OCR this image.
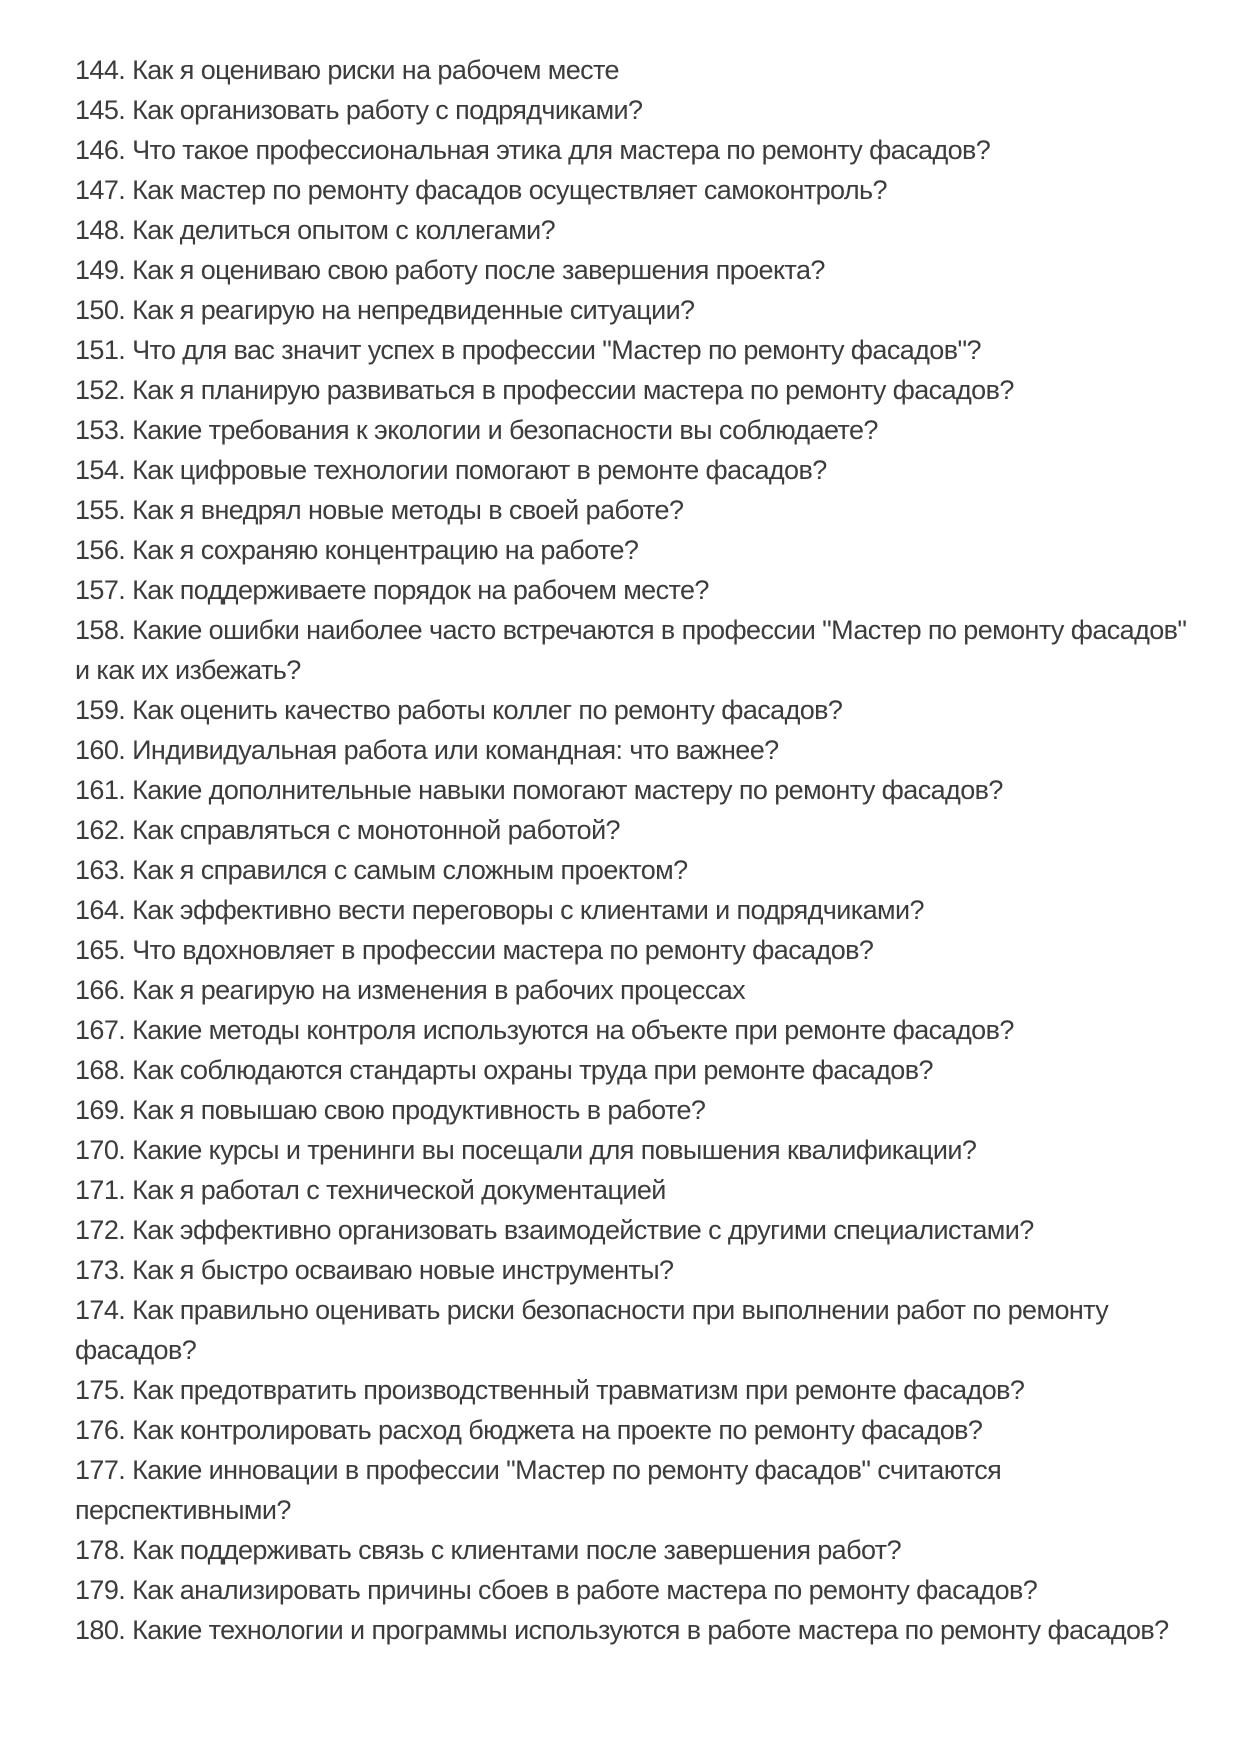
144. Как я оцениваю риски на рабочем месте

145. Как организовать работу с подрядчиками?

146. Что такое профессиональная этика для мастера по ремонту фасадов?

147. Как мастер по ремонту фасадов осуществляет самоконтроль?

148. Как делиться опытом с коллегами?

149. Как я оцениваю свою работу после завершения проекта?

150. Как я реагирую на непредвиденные ситуации?

151. Что для вас значит успех в профессии "Мастер по ремонту фасадов"?

152. Как я планирую развиваться в профессии мастера по ремонту фасадов?

153. Какие требования к экологии и безопасности вы соблюдаете?

154. Как цифровые технологии помогают в ремонте фасадов?

155. Как я внедрял новые методы в своей работе?

156. Как я сохраняю концентрацию на работе?

157. Как поддерживаете порядок на рабочем месте?

158. Какие ошибки наиболее часто встречаются в профессии "Мастер по ремонту фасадов" и как их избежать?

159. Как оценить качество работы коллег по ремонту фасадов?

160. Индивидуальная работа или командная: что важнее?

161. Какие дополнительные навыки помогают мастеру по ремонту фасадов?

162. Как справляться с монотонной работой?

163. Как я справился с самым сложным проектом?

164. Как эффективно вести переговоры с клиентами и подрядчиками?

165. Что вдохновляет в профессии мастера по ремонту фасадов?

166. Как я реагирую на изменения в рабочих процессах

167. Какие методы контроля используются на объекте при ремонте фасадов?

168. Как соблюдаются стандарты охраны труда при ремонте фасадов?

169. Как я повышаю свою продуктивность в работе?

170. Какие курсы и тренинги вы посещали для повышения квалификации?

171. Как я работал с технической документацией

172. Как эффективно организовать взаимодействие с другими специалистами?

173. Как я быстро осваиваю новые инструменты?

174. Как правильно оценивать риски безопасности при выполнении работ по ремонту фасадов?

175. Как предотвратить производственный травматизм при ремонте фасадов?

176. Как контролировать расход бюджета на проекте по ремонту фасадов?

177. Какие инновации в профессии "Мастер по ремонту фасадов" считаются перспективными?

178. Как поддерживать связь с клиентами после завершения работ?

179. Как анализировать причины сбоев в работе мастера по ремонту фасадов?

180. Какие технологии и программы используются в работе мастера по ремонту фасадов?
